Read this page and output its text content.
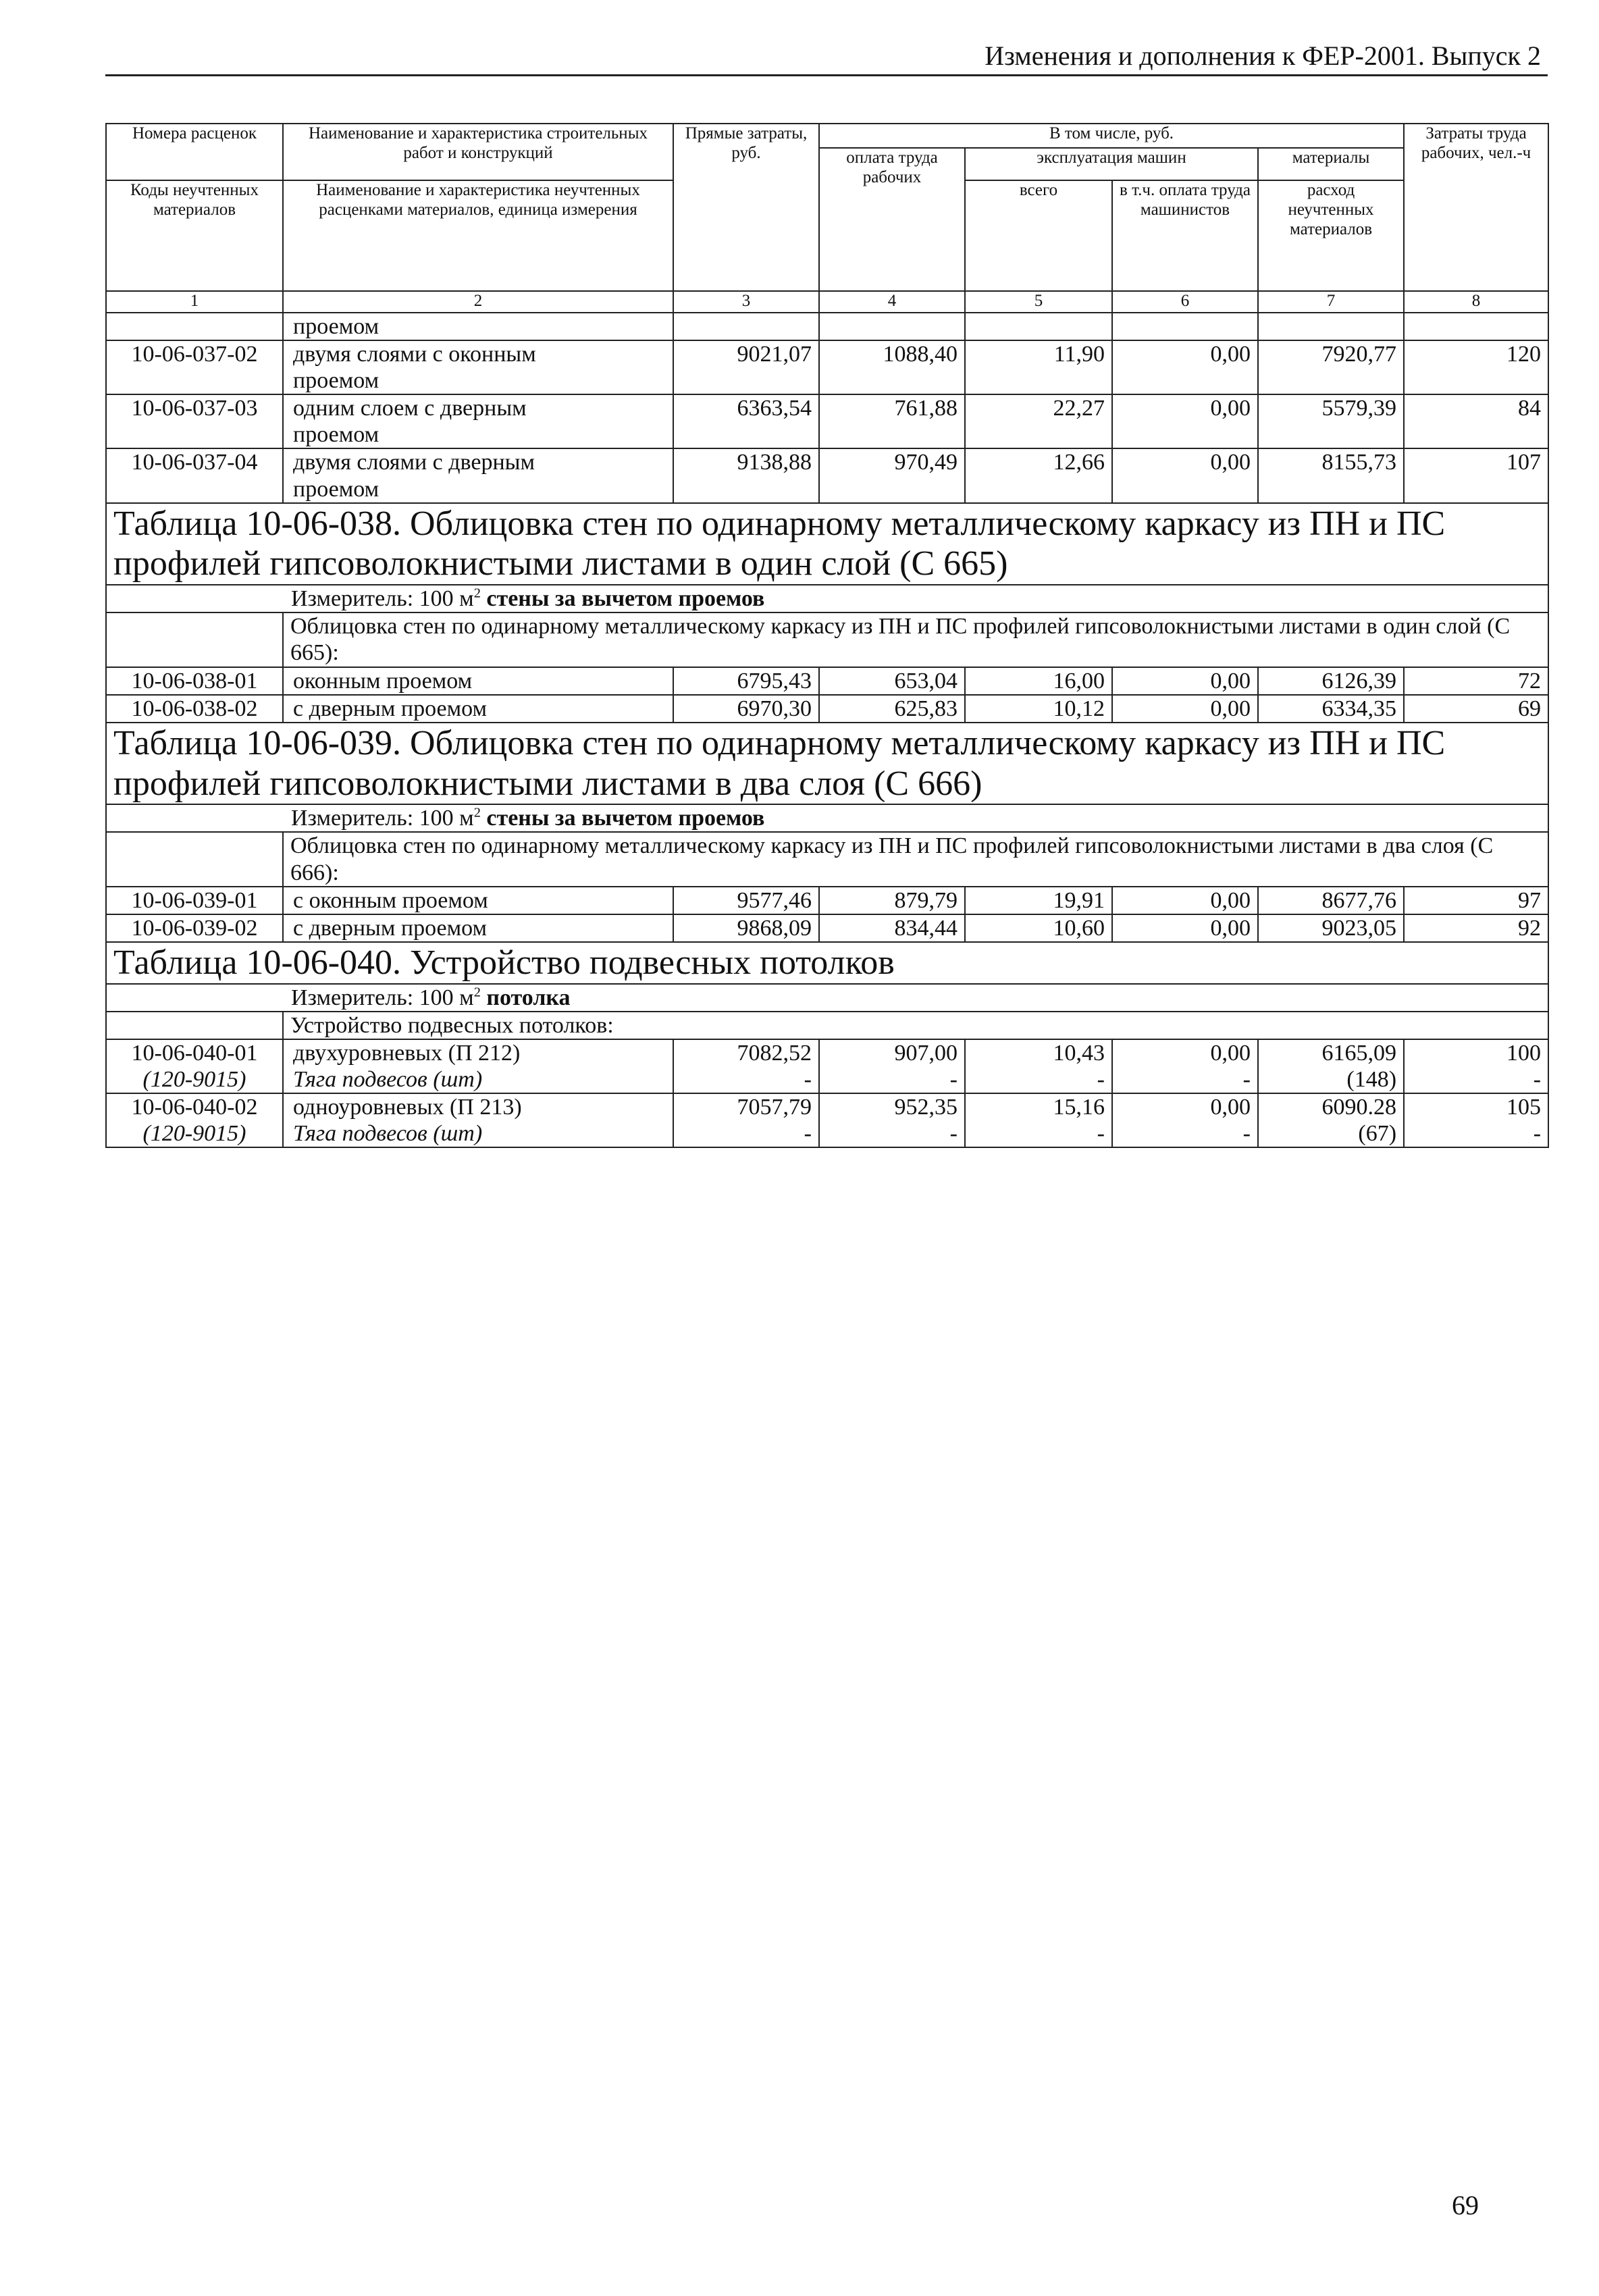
Изменения и дополнения к ФЕР-2001. Выпуск 2
Номера расценок	Наименование и характеристика строительных работ и конструкций	Прямые затраты, руб.	В том числе, руб.				Затраты труда рабочих, чел.-ч
			оплата труда рабочих	эксплуатация машин		материалы	
Коды неучтенных материалов	Наименование и характеристика неучтенных расценками материалов, единица измерения			всего	в т.ч. оплата труда машинистов	расход неучтенных материалов	

1	2	3	4	5	6	7	8
	проемом						
10-06-037-02	двумя слоями с оконным	9021,07	1088,40	11,90	0,00	7920,77	120
	проемом						
10-06-037-03	одним слоем с дверным	6363,54	761,88	22,27	0,00	5579,39	84
	проемом						
10-06-037-04	двумя слоями с дверным	9138,88	970,49	12,66	0,00	8155,73	107
	проемом						
Таблица 10-06-038. Облицовка стен по одинарному металлическому каркасу из ПН и ПС профилей гипсоволокнистыми листами в один слой (С 665)							
	Измеритель: 100 $м^2$ стены за вычетом проемов						
	Облицовка стен по одинарному металлическому каркасу из ПН и ПС профилей гипсоволокнистыми листами в один слой (С 665):						
10-06-038-01	оконным проемом	6795,43	653,04	16,00	0,00	6126,39	72
10-06-038-02	с дверным проемом	6970,30	625,83	10,12	0,00	6334,35	69
Таблица 10-06-039. Облицовка стен по одинарному металлическому каркасу из ПН и ПС профилей гипсоволокнистыми листами в два слоя (С 666)							
	Измеритель: 100 $м^2$ стены за вычетом проемов						
	Облицовка стен по одинарному металлическому каркасу из ПН и ПС профилей гипсоволокнистыми листами в два слоя (С 666):						
10-06-039-01	с оконным проемом	9577,46	879,79	19,91	0,00	8677,76	97
10-06-039-02	с дверным проемом	9868,09	834,44	10,60	0,00	9023,05	92
Таблица 10-06-040. Устройство подвесных потолков							
	Измеритель: 100 $м^2$ потолка						
	Устройство подвесных потолков:						
10-06-040-01	двухуровневых (П 212)	7082,52	907,00	10,43	0,00	6165,09	100
(120-9015)	Тяга подвесов (шт)	-	-	-	-	(148)	-
10-06-040-02	одноуровневых (П 213)	7057,79	952,35	15,16	0,00	6090.28	105
(120-9015)	Тяга подвесов (шт)	-	-	-	-	(67)	-
69
